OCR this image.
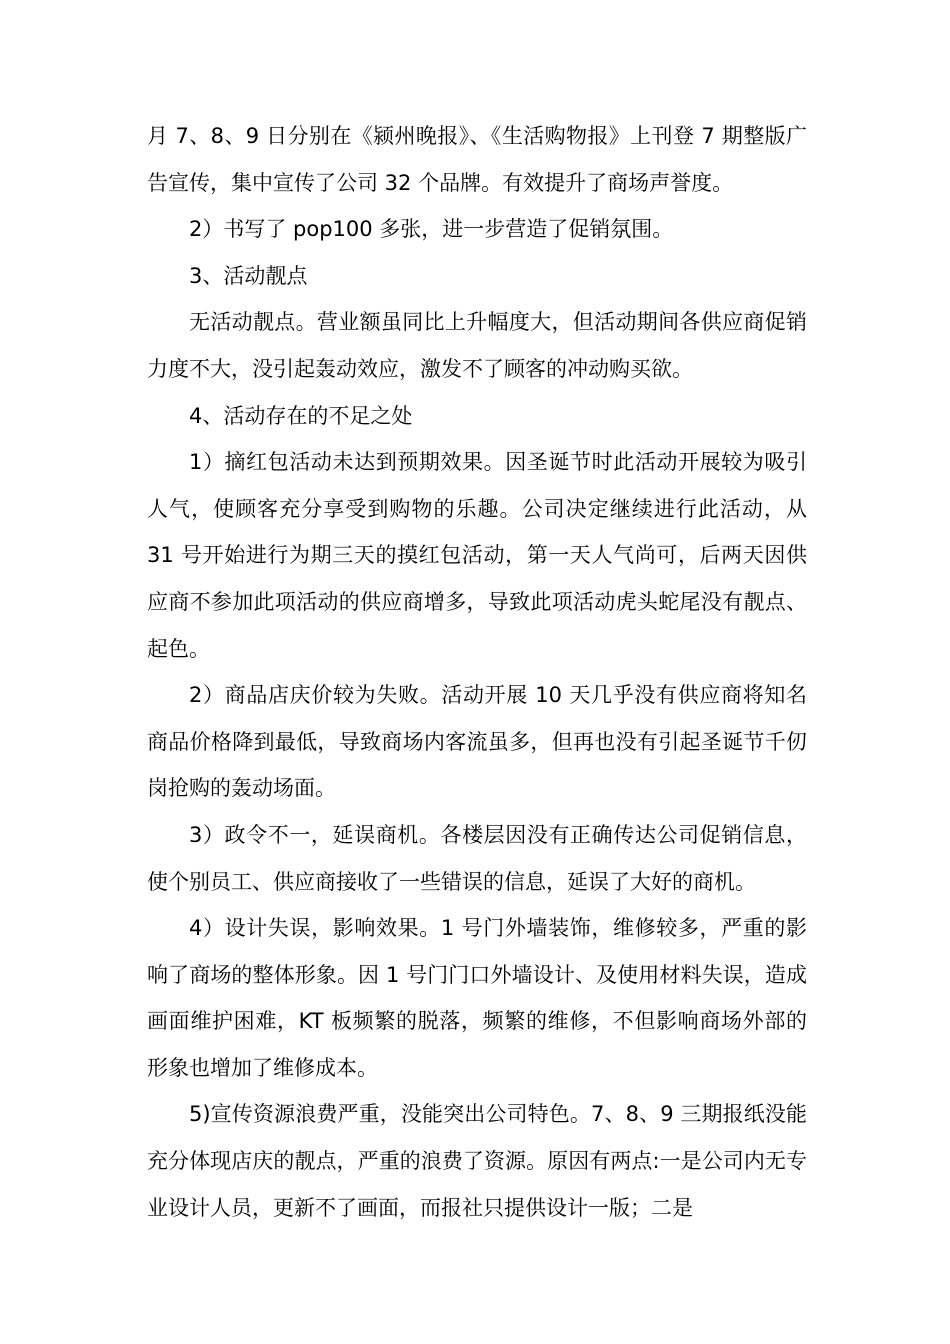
月 7、8、9 日分别在《颍州晚报》、《生活购物报》上刊登 7 期整版广告宣传，集中宣传了公司 32 个品牌。有效提升了商场声誉度。

2）书写了 pop100 多张，进一步营造了促销氛围。

3、活动靓点

无活动靓点。营业额虽同比上升幅度大，但活动期间各供应商促销力度不大，没引起轰动效应，激发不了顾客的冲动购买欲。

4、活动存在的不足之处

1）摘红包活动未达到预期效果。因圣诞节时此活动开展较为吸引人气，使顾客充分享受到购物的乐趣。公司决定继续进行此活动，从 31 号开始进行为期三天的摸红包活动，第一天人气尚可，后两天因供应商不参加此项活动的供应商增多，导致此项活动虎头蛇尾没有靓点、起色。

2）商品店庆价较为失败。活动开展 10 天几乎没有供应商将知名商品价格降到最低，导致商场内客流虽多，但再也没有引起圣诞节千仞岗抢购的轰动场面。

3）政令不一，延误商机。各楼层因没有正确传达公司促销信息，使个别员工、供应商接收了一些错误的信息，延误了大好的商机。

4）设计失误，影响效果。1 号门外墙装饰，维修较多，严重的影响了商场的整体形象。因 1 号门门口外墙设计、及使用材料失误，造成画面维护困难，KT 板频繁的脱落，频繁的维修，不但影响商场外部的形象也增加了维修成本。

5)宣传资源浪费严重，没能突出公司特色。7、8、9 三期报纸没能充分体现店庆的靓点，严重的浪费了资源。原因有两点:一是公司内无专业设计人员，更新不了画面，而报社只提供设计一版；二是
